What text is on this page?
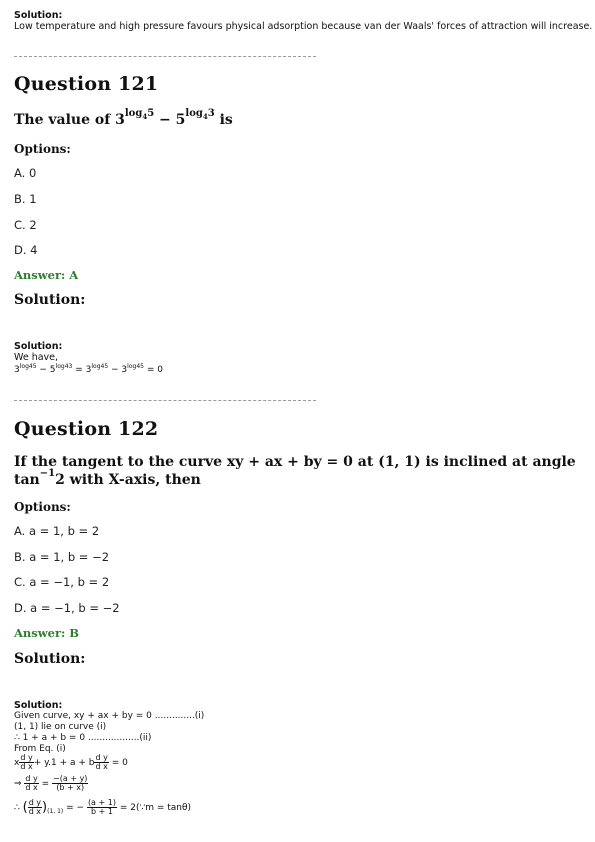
Solution:
Low temperature and high pressure favours physical adsorption because van der Waals' forces of attraction will increase.
Question 121
The value of $3^{log_45} - 5^{log_43}$ is
Options:
A. 0
B. 1
C. 2
D. 4
Answer: A
Solution:
Solution:
We have,
$3^{log45} - 5^{log43} = 3^{log45} - 3^{log45} = 0$
Question 122
If the tangent to the curve xy + ax + by = 0 at (1, 1) is inclined at angle
$\tan^{-1}2$ with X-axis, then
Options:
A. a = 1, b = 2
B. a = 1, b = −2
C. a = −1, b = 2
D. a = −1, b = −2
Answer: B
Solution:
Solution:
Given curve, xy + ax + by = 0 ..............(i)
(1, 1) lie on curve (i)
∴ 1 + a + b = 0 ..................(ii)
From Eq. (i)
x $\frac{\text{d y}}{\text{d x}} + y.1 + a + b \frac{\text{d y}}{\text{d x}} = 0$
⇒ $\frac{\text{d y}}{\text{d x}} = \frac{-(a + y)}{(b + x)}$
∴ ( $\frac{\text{d y}}{\text{d x}} )_{(1, 1)}$ = − $\frac{(a + 1)}{b + 1}$ = 2(∵m = tanθ)
